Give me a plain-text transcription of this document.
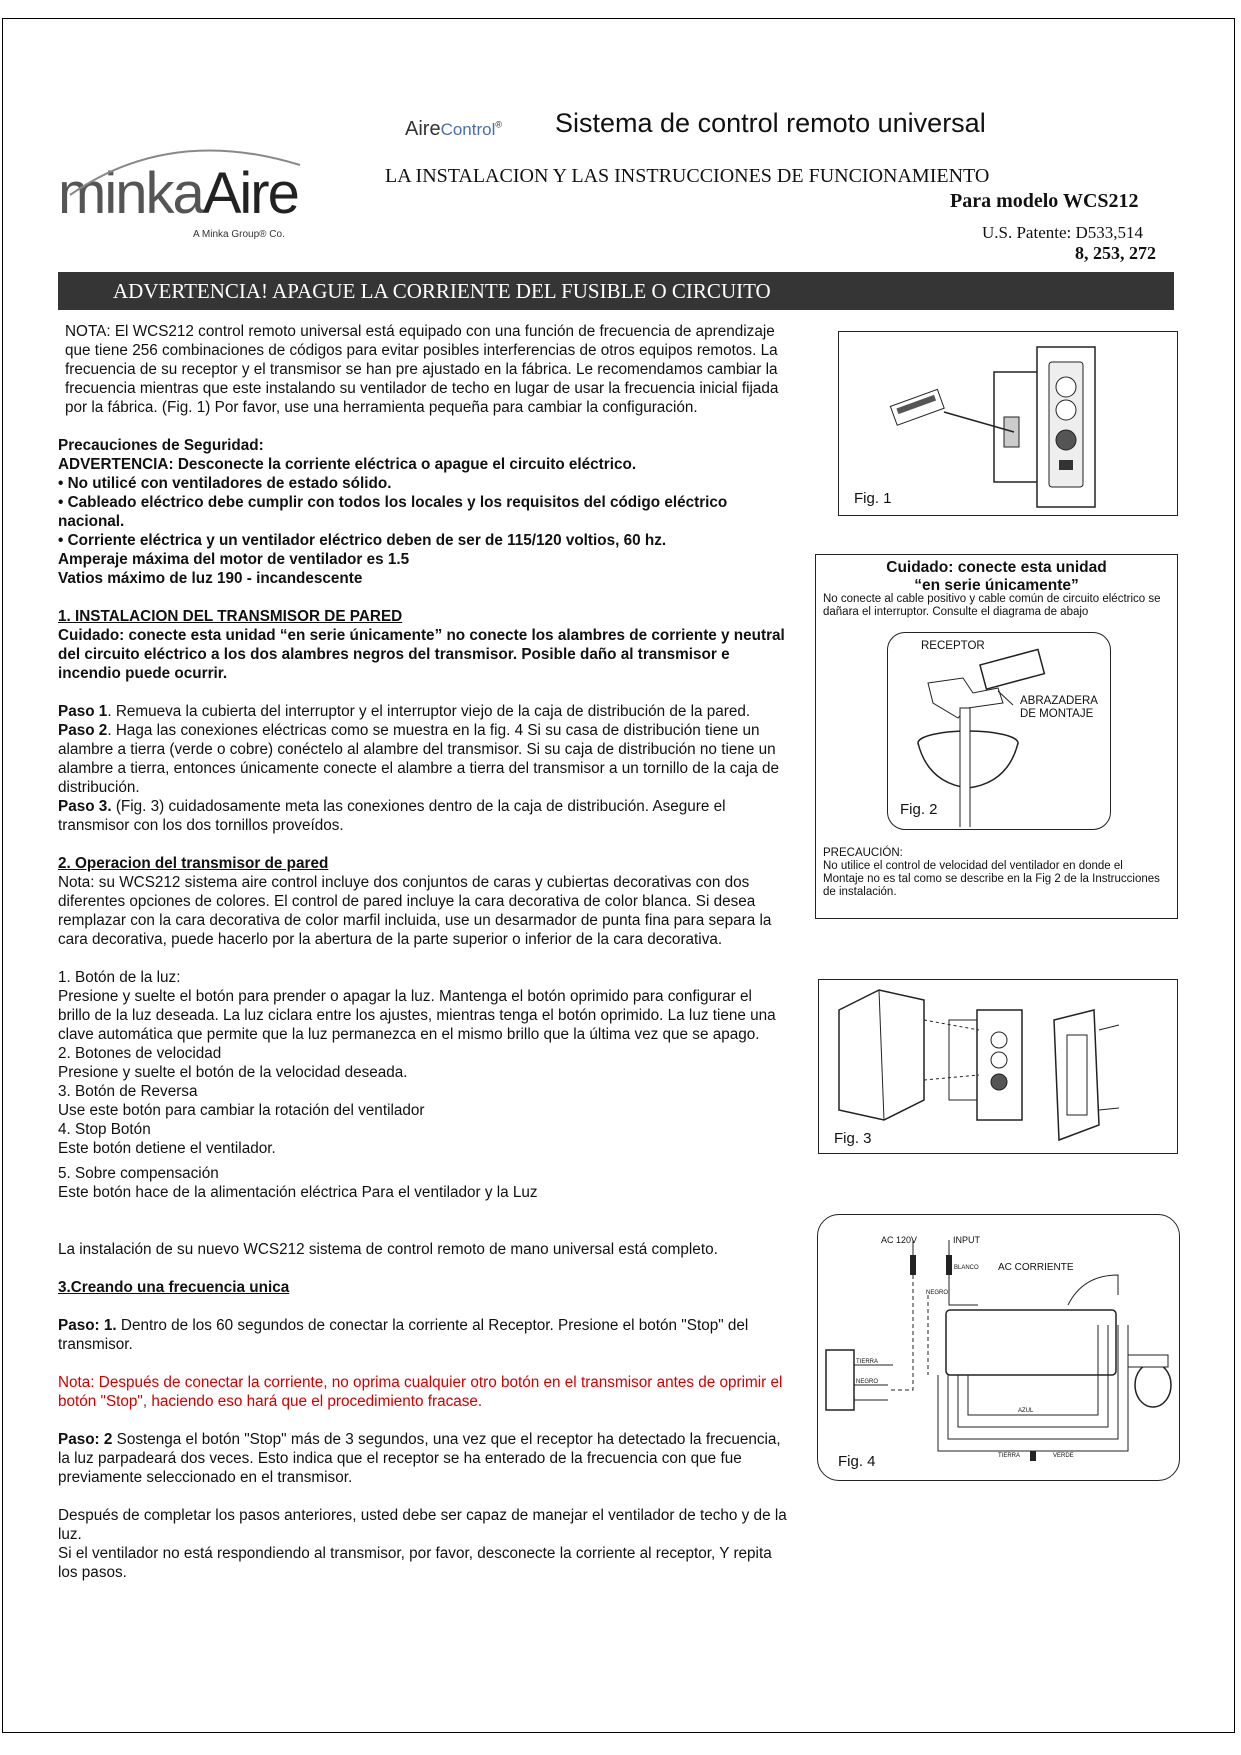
minkaAire
A Minka Group® Co.
AireControl® Sistema de control remoto universal
LA INSTALACION Y LAS INSTRUCCIONES DE FUNCIONAMIENTO
Para modelo WCS212
U.S. Patente: D533,514
8, 253, 272
ADVERTENCIA! APAGUE LA CORRIENTE DEL FUSIBLE O CIRCUITO

NOTA: El WCS212 control remoto universal está equipado con una función de frecuencia de aprendizaje que tiene 256 combinaciones de códigos para evitar posibles interferencias de otros equipos remotos. La frecuencia de su receptor y el transmisor se han pre ajustado en la fábrica. Le recomendamos cambiar la frecuencia mientras que este instalando su ventilador de techo en lugar de usar la frecuencia inicial fijada por la fábrica. (Fig. 1) Por favor, use una herramienta pequeña para cambiar la configuración.

Precauciones de Seguridad:

ADVERTENCIA: Desconecte la corriente eléctrica o apague el circuito eléctrico.

• No utilicé con ventiladores de estado sólido.

• Cableado eléctrico debe cumplir con todos los locales y los requisitos del código eléctrico nacional.

• Corriente eléctrica y un ventilador eléctrico deben de ser de 115/120 voltios, 60 hz.

Amperaje máxima del motor de ventilador es 1.5

Vatios máximo de luz 190 - incandescente

1. INSTALACION DEL TRANSMISOR DE PARED

Cuidado: conecte esta unidad “en serie únicamente” no conecte los alambres de corriente y neutral del circuito eléctrico a los dos alambres negros del transmisor. Posible daño al transmisor e incendio puede ocurrir.

Paso 1. Remueva la cubierta del interruptor y el interruptor viejo de la caja de distribución de la pared.

Paso 2. Haga las conexiones eléctricas como se muestra en la fig. 4 Si su casa de distribución tiene un alambre a tierra (verde o cobre) conéctelo al alambre del transmisor. Si su caja de distribución no tiene un alambre a tierra, entonces únicamente conecte el alambre a tierra del transmisor a un tornillo de la caja de distribución.

Paso 3. (Fig. 3) cuidadosamente meta las conexiones dentro de la caja de distribución. Asegure el transmisor con los dos tornillos proveídos.

2. Operacion del transmisor de pared

Nota: su WCS212 sistema aire control incluye dos conjuntos de caras y cubiertas decorativas con dos diferentes opciones de colores. El control de pared incluye la cara decorativa de color blanca. Si desea remplazar con la cara decorativa de color marfil incluida, use un desarmador de punta fina para separa la cara decorativa, puede hacerlo por la abertura de la parte superior o inferior de la cara decorativa.

1. Botón de la luz:

Presione y suelte el botón para prender o apagar la luz. Mantenga el botón oprimido para configurar el brillo de la luz deseada. La luz ciclara entre los ajustes, mientras tenga el botón oprimido. La luz tiene una clave automática que permite que la luz permanezca en el mismo brillo que la última vez que se apago.

2. Botones de velocidad

Presione y suelte el botón de la velocidad deseada.

3. Botón de Reversa

Use este botón para cambiar la rotación del ventilador

4. Stop Botón

Este botón detiene el ventilador.

5. Sobre compensación

Este botón hace de la alimentación eléctrica Para el ventilador y la Luz

La instalación de su nuevo WCS212 sistema de control remoto de mano universal está completo.

3.Creando una frecuencia unica

Paso: 1. Dentro de los 60 segundos de conectar la corriente al Receptor. Presione el botón "Stop" del transmisor.

Nota: Después de conectar la corriente, no oprima cualquier otro botón en el transmisor antes de oprimir el botón "Stop", haciendo eso hará que el procedimiento fracase.

Paso: 2 Sostenga el botón "Stop" más de 3 segundos, una vez que el receptor ha detectado la frecuencia, la luz parpadeará dos veces. Esto indica que el receptor se ha enterado de la frecuencia con que fue previamente seleccionado en el transmisor.

Después de completar los pasos anteriores, usted debe ser capaz de manejar el ventilador de techo y de la luz.

Si el ventilador no está respondiendo al transmisor, por favor, desconecte la corriente al receptor, Y repita los pasos.

Fig. 1
Cuidado: conecte esta unidad
“en serie únicamente”
No conecte al cable positivo y cable común de circuito eléctrico se dañara el interruptor. Consulte el diagrama de abajo
RECEPTOR
ABRAZADERA
DE MONTAJE
Fig. 2
PRECAUCIÓN:
No utilice el control de velocidad del ventilador en donde el Montaje no es tal como se describe en la Fig 2 de la Instrucciones de instalación.
Fig. 3
AC 120V	INPUT
AC CORRIENTE
BLANCO
NEGRO
TIERRA
NEGRO
AZUL
VERDE
TIERRA
Fig. 4
